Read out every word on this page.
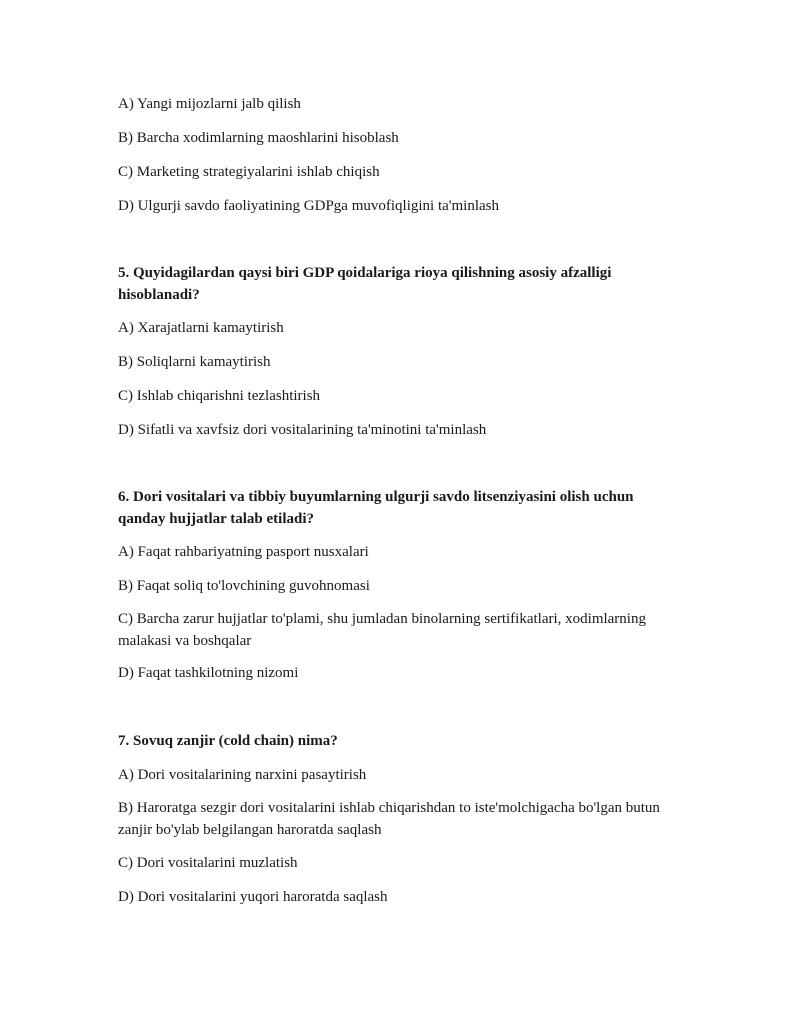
A) Yangi mijozlarni jalb qilish

B) Barcha xodimlarning maoshlarini hisoblash

C) Marketing strategiyalarini ishlab chiqish

D) Ulgurji savdo faoliyatining GDPga muvofiqligini ta'minlash

5. Quyidagilardan qaysi biri GDP qoidalariga rioya qilishning asosiy afzalligi hisoblanadi?

A) Xarajatlarni kamaytirish

B) Soliqlarni kamaytirish

C) Ishlab chiqarishni tezlashtirish

D) Sifatli va xavfsiz dori vositalarining ta'minotini ta'minlash

6. Dori vositalari va tibbiy buyumlarning ulgurji savdo litsenziyasini olish uchun qanday hujjatlar talab etiladi?

A) Faqat rahbariyatning pasport nusxalari

B) Faqat soliq to'lovchining guvohnomasi

C) Barcha zarur hujjatlar to'plami, shu jumladan binolarning sertifikatlari, xodimlarning malakasi va boshqalar

D) Faqat tashkilotning nizomi

7. Sovuq zanjir (cold chain) nima?

A) Dori vositalarining narxini pasaytirish

B) Haroratga sezgir dori vositalarini ishlab chiqarishdan to iste'molchigacha bo'lgan butun zanjir bo'ylab belgilangan haroratda saqlash

C) Dori vositalarini muzlatish

D) Dori vositalarini yuqori haroratda saqlash
